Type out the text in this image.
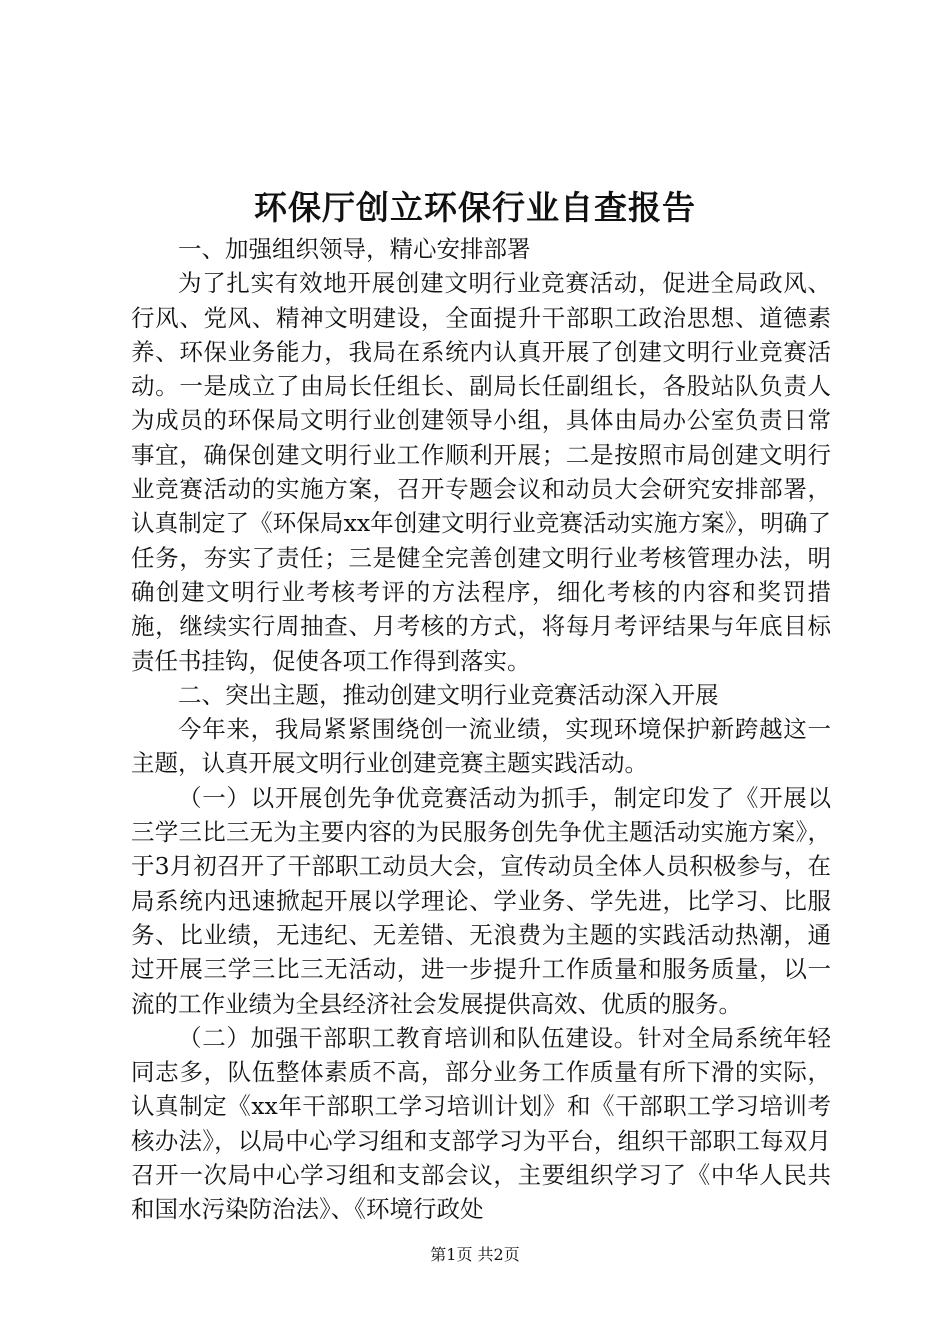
环保厅创立环保行业自查报告

一、加强组织领导，精心安排部署

为了扎实有效地开展创建文明行业竞赛活动，促进全局政风、行风、党风、精神文明建设，全面提升干部职工政治思想、道德素养、环保业务能力，我局在系统内认真开展了创建文明行业竞赛活动。一是成立了由局长任组长、副局长任副组长，各股站队负责人为成员的环保局文明行业创建领导小组，具体由局办公室负责日常事宜，确保创建文明行业工作顺利开展；二是按照市局创建文明行业竞赛活动的实施方案，召开专题会议和动员大会研究安排部署，认真制定了《环保局xx年创建文明行业竞赛活动实施方案》，明确了任务，夯实了责任；三是健全完善创建文明行业考核管理办法，明确创建文明行业考核考评的方法程序，细化考核的内容和奖罚措施，继续实行周抽查、月考核的方式，将每月考评结果与年底目标责任书挂钩，促使各项工作得到落实。

二、突出主题，推动创建文明行业竞赛活动深入开展

今年来，我局紧紧围绕创一流业绩，实现环境保护新跨越这一主题，认真开展文明行业创建竞赛主题实践活动。

（一）以开展创先争优竞赛活动为抓手，制定印发了《开展以三学三比三无为主要内容的为民服务创先争优主题活动实施方案》，于3月初召开了干部职工动员大会，宣传动员全体人员积极参与，在局系统内迅速掀起开展以学理论、学业务、学先进，比学习、比服务、比业绩，无违纪、无差错、无浪费为主题的实践活动热潮，通过开展三学三比三无活动，进一步提升工作质量和服务质量，以一流的工作业绩为全县经济社会发展提供高效、优质的服务。

（二）加强干部职工教育培训和队伍建设。针对全局系统年轻同志多，队伍整体素质不高，部分业务工作质量有所下滑的实际，认真制定《xx年干部职工学习培训计划》和《干部职工学习培训考核办法》，以局中心学习组和支部学习为平台，组织干部职工每双月召开一次局中心学习组和支部会议，主要组织学习了《中华人民共和国水污染防治法》、《环境行政处

第1页 共2页
